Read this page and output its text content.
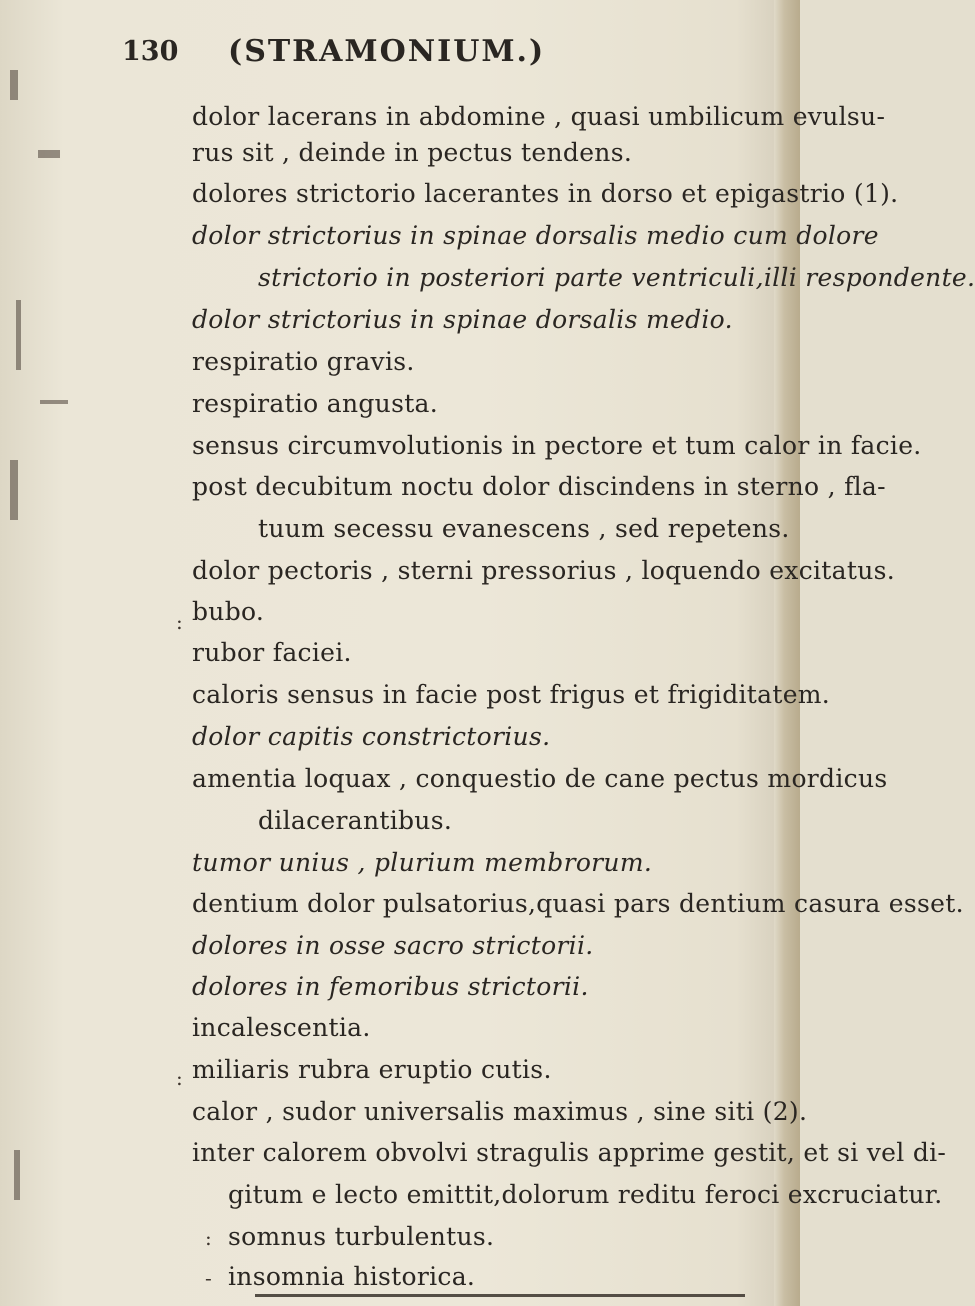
130 (STRAMONIUM.)
dolor lacerans in abdomine , quasi umbilicum evulsu-
rus sit , deinde in pectus tendens.
dolores strictorio lacerantes in dorso et epigastrio (1).
dolor strictorius in spinae dorsalis medio cum dolore
strictorio in posteriori parte ventriculi,illi respondente.
dolor strictorius in spinae dorsalis medio.
respiratio gravis.
respiratio angusta.
sensus circumvolutionis in pectore et tum calor in facie.
post decubitum noctu dolor discindens in sterno , fla-
tuum secessu evanescens , sed repetens.
dolor pectoris , sterni pressorius , loquendo excitatus.
bubo.
rubor faciei.
caloris sensus in facie post frigus et frigiditatem.
dolor capitis constrictorius.
amentia loquax , conquestio de cane pectus mordicus
dilacerantibus.
tumor unius , plurium membrorum.
dentium dolor pulsatorius,quasi pars dentium casura esset.
dolores in osse sacro strictorii.
dolores in femoribus strictorii.
incalescentia.
miliaris rubra eruptio cutis.
calor , sudor universalis maximus , sine siti (2).
inter calorem obvolvi stragulis apprime gestit, et si vel di-
gitum e lecto emittit,dolorum reditu feroci excruciatur.
somnus turbulentus.
insomnia historica.
:
:
:
-
